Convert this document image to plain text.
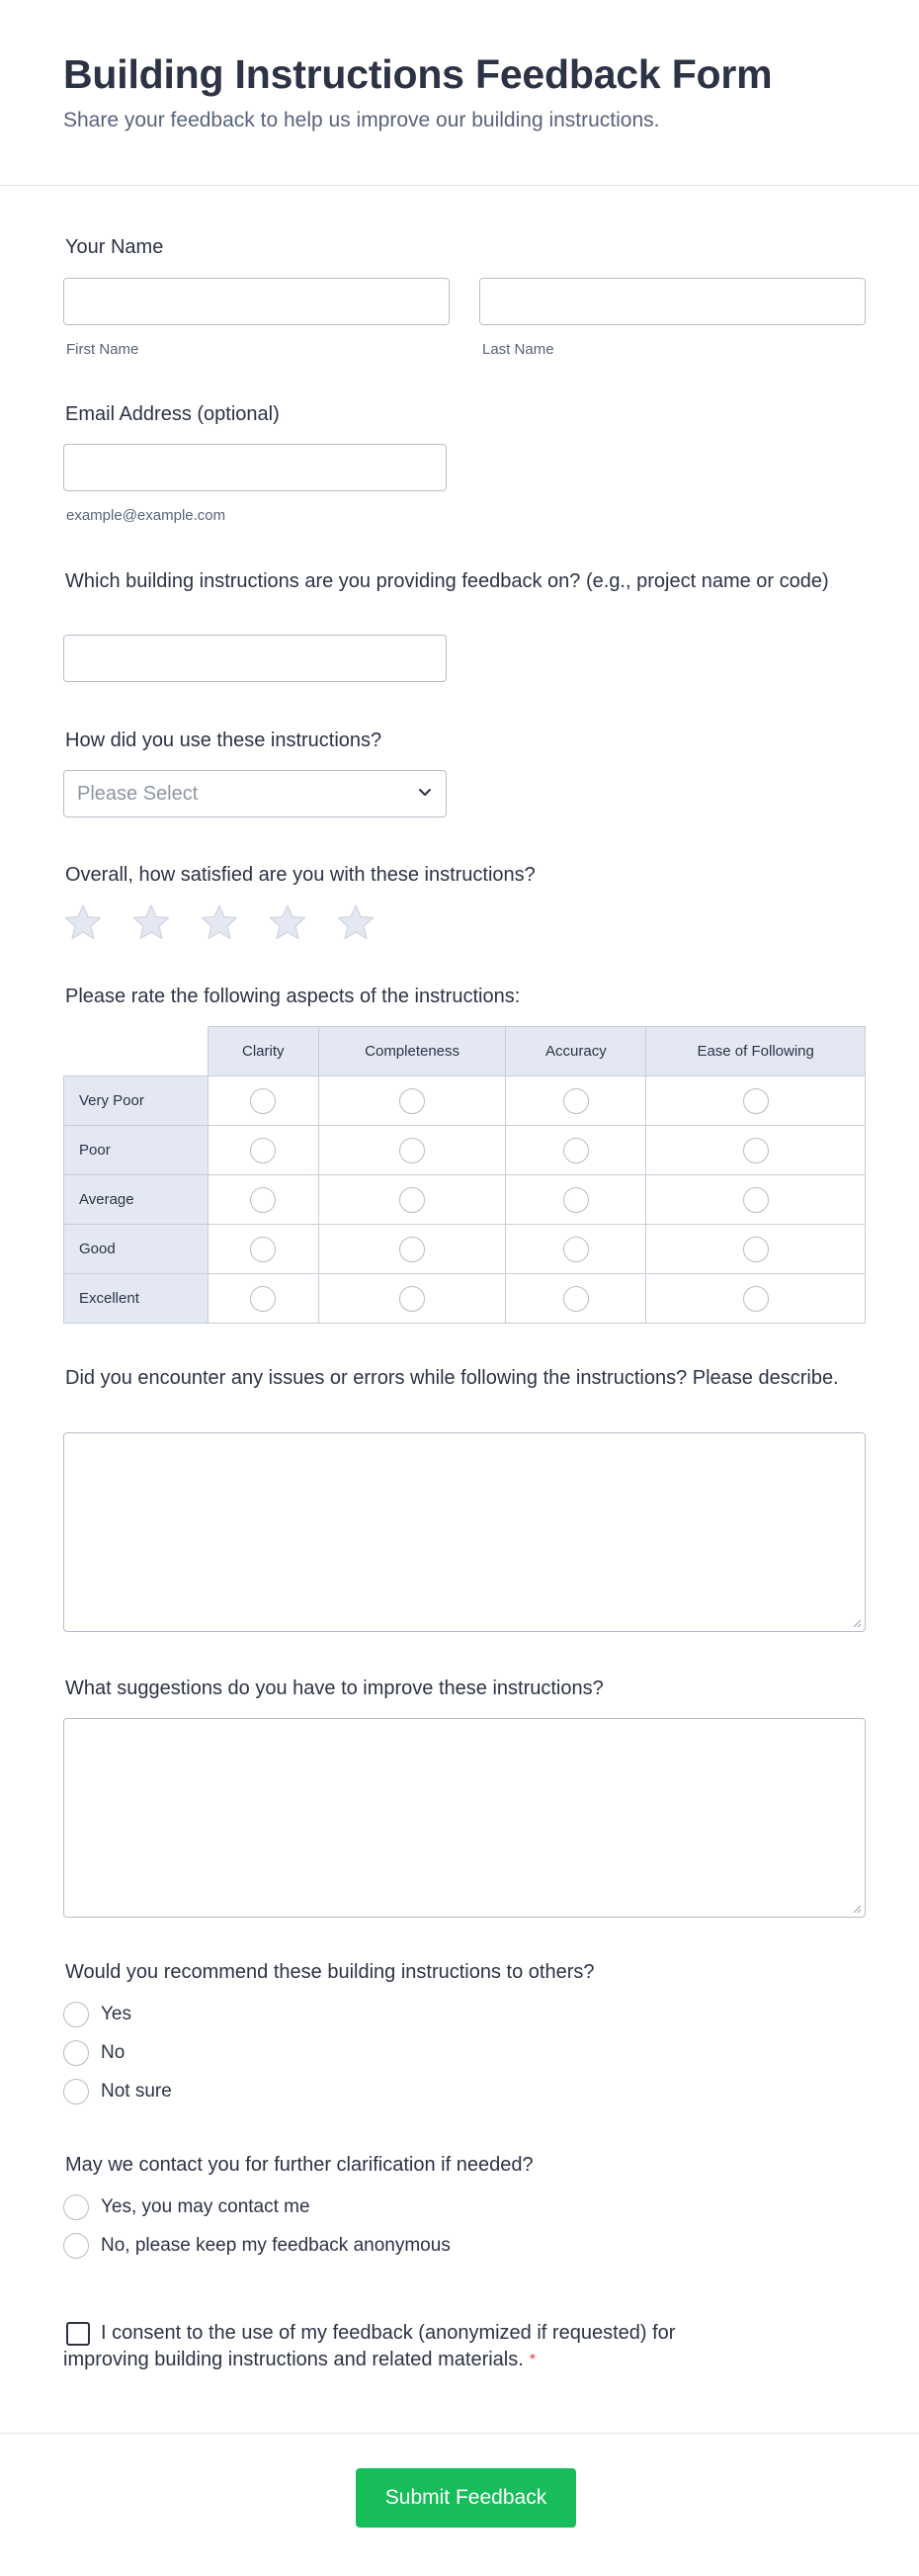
Building Instructions Feedback Form

Share your feedback to help us improve our building instructions.

Your Name
First Name	Last Name
Email Address (optional)
example@example.com
Which building instructions are you providing feedback on? (e.g., project name or code)
How did you use these instructions?
Please Select
Overall, how satisfied are you with these instructions?
Please rate the following aspects of the instructions:
	Clarity	Completeness	Accuracy	Ease of Following
Very Poor				
Poor				
Average				
Good				
Excellent				
Did you encounter any issues or errors while following the instructions? Please describe.
What suggestions do you have to improve these instructions?
Would you recommend these building instructions to others?
Yes
No
Not sure
May we contact you for further clarification if needed?
Yes, you may contact me
No, please keep my feedback anonymous
I consent to the use of my feedback (anonymized if requested) for improving building instructions and related materials. *
Submit Feedback
